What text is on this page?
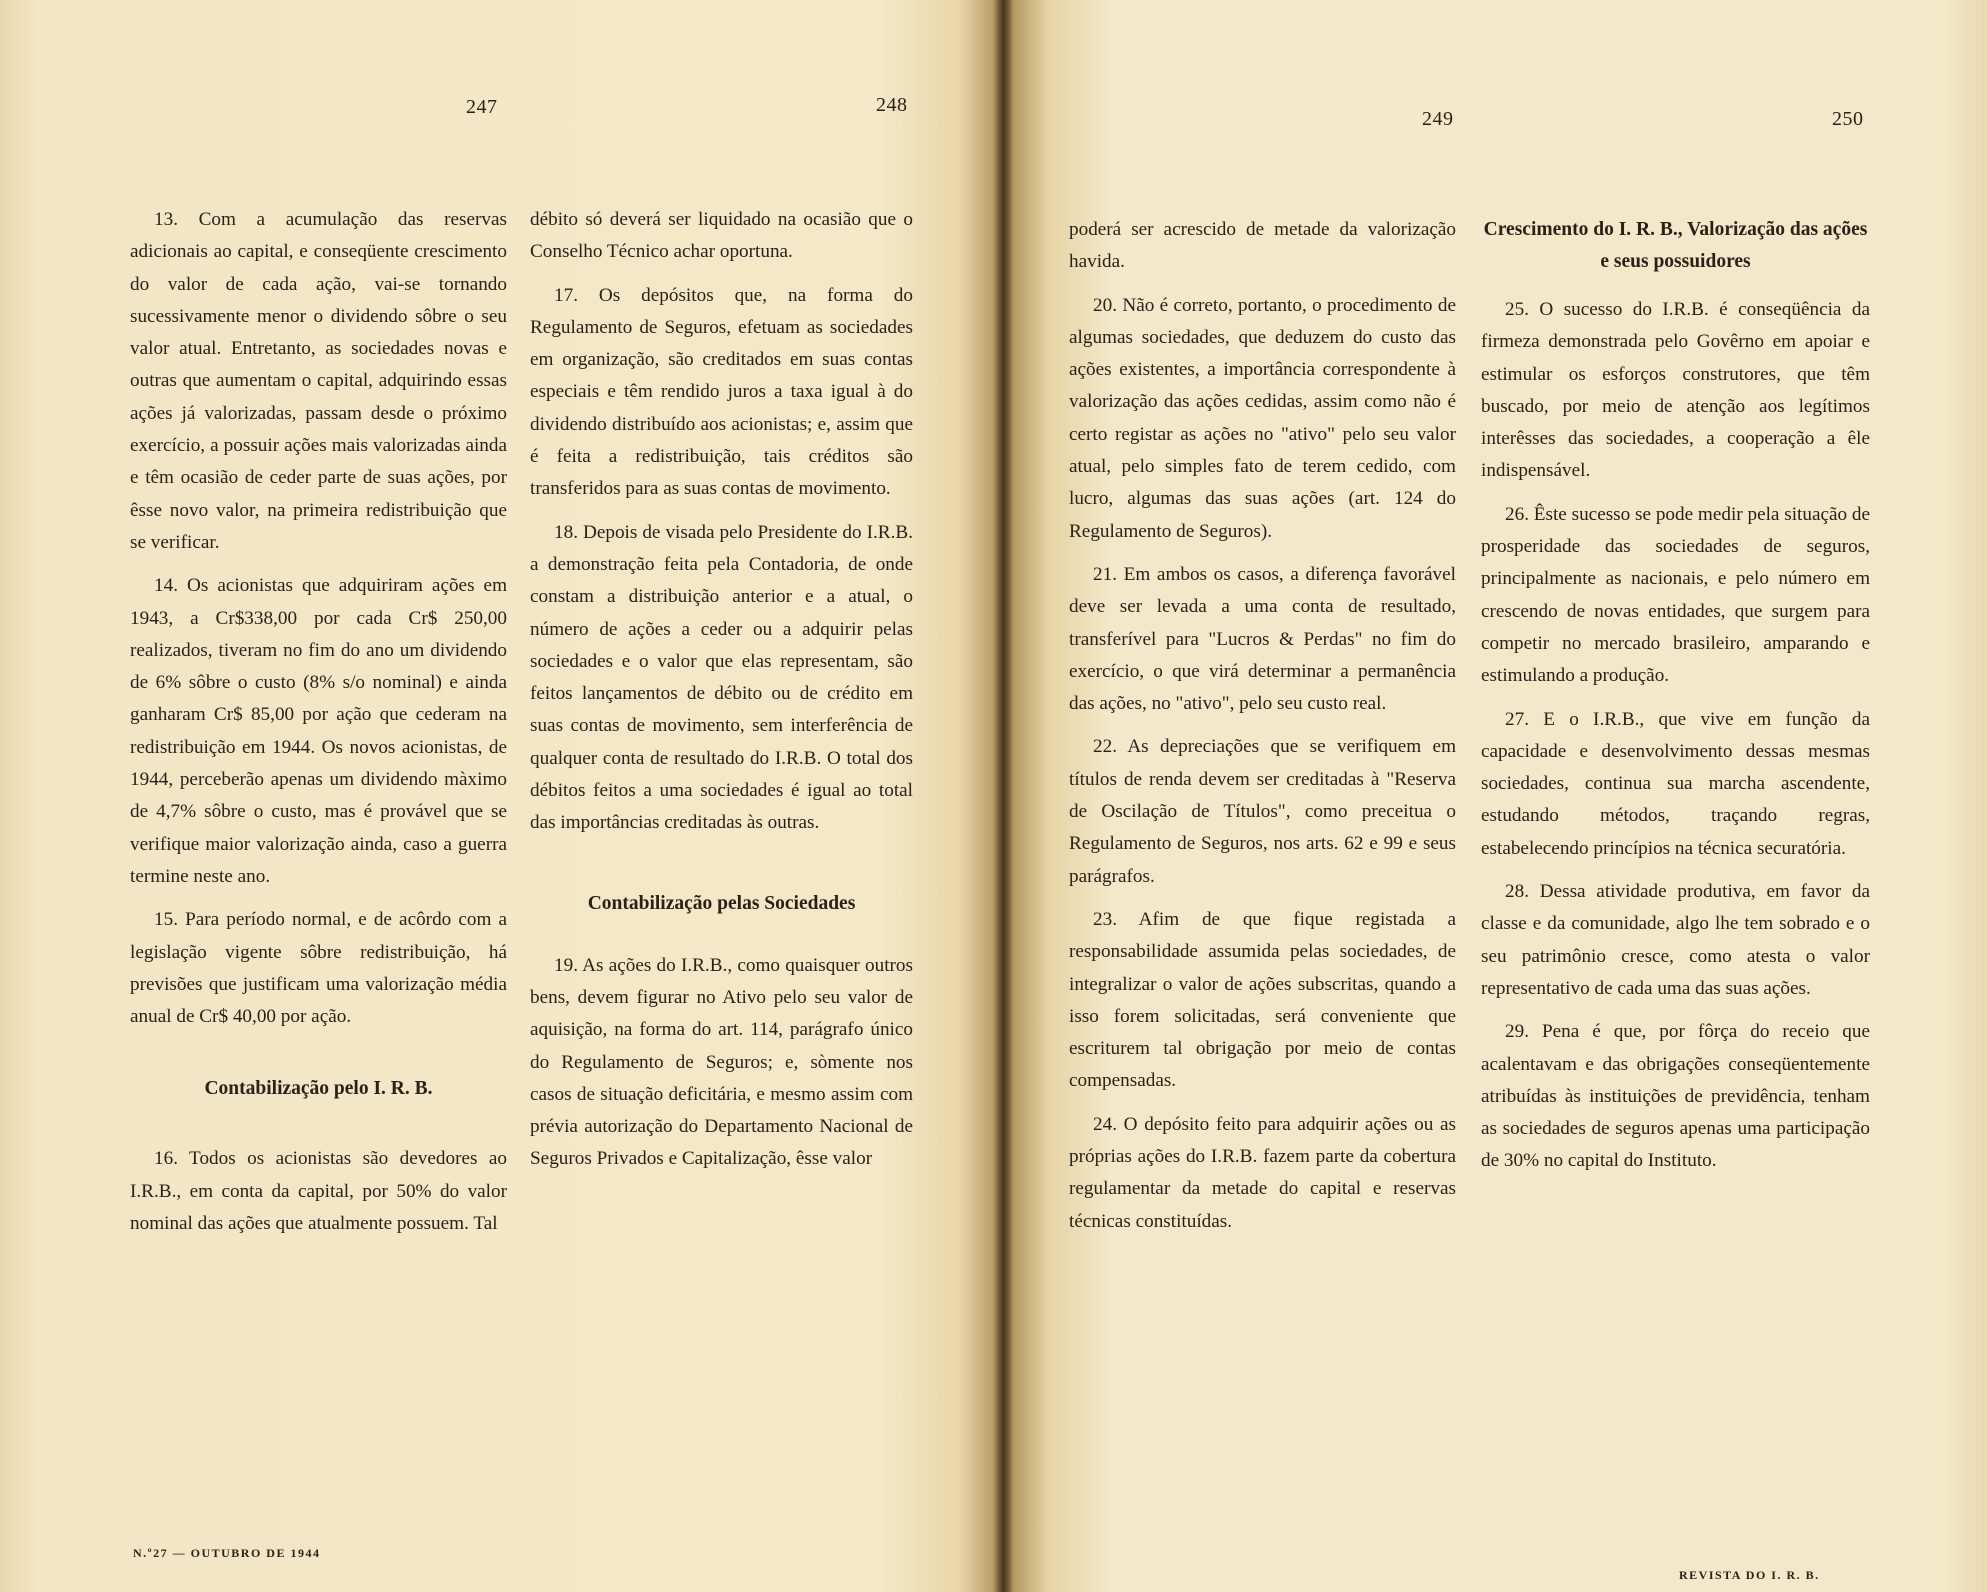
247	248

13. Com a acumulação das reservas adicionais ao capital, e conseqüente crescimento do valor de cada ação, vai-se tornando sucessivamente menor o dividendo sôbre o seu valor atual. Entretanto, as sociedades novas e outras que aumentam o capital, adquirindo essas ações já valorizadas, passam desde o próximo exercício, a possuir ações mais valorizadas ainda e têm ocasião de ceder parte de suas ações, por êsse novo valor, na primeira redistribuição que se verificar.

14. Os acionistas que adquiriram ações em 1943, a Cr$338,00 por cada Cr$ 250,00 realizados, tiveram no fim do ano um dividendo de 6% sôbre o custo (8% s/o nominal) e ainda ganharam Cr$ 85,00 por ação que cederam na redistribuição em 1944. Os novos acionistas, de 1944, perceberão apenas um dividendo màximo de 4,7% sôbre o custo, mas é provável que se verifique maior valorização ainda, caso a guerra termine neste ano.

15. Para período normal, e de acôrdo com a legislação vigente sôbre redistribuição, há previsões que justificam uma valorização média anual de Cr$ 40,00 por ação.

Contabilização pelo I. R. B.

16. Todos os acionistas são devedores ao I.R.B., em conta da capital, por 50% do valor nominal das ações que atualmente possuem. Tal

débito só deverá ser liquidado na ocasião que o Conselho Técnico achar oportuna.

17. Os depósitos que, na forma do Regulamento de Seguros, efetuam as sociedades em organização, são creditados em suas contas especiais e têm rendido juros a taxa igual à do dividendo distribuído aos acionistas; e, assim que é feita a redistribuição, tais créditos são transferidos para as suas contas de movimento.

18. Depois de visada pelo Presidente do I.R.B. a demonstração feita pela Contadoria, de onde constam a distribuição anterior e a atual, o número de ações a ceder ou a adquirir pelas sociedades e o valor que elas representam, são feitos lançamentos de débito ou de crédito em suas contas de movimento, sem interferência de qualquer conta de resultado do I.R.B. O total dos débitos feitos a uma sociedades é igual ao total das importâncias creditadas às outras.

Contabilização pelas Sociedades

19. As ações do I.R.B., como quaisquer outros bens, devem figurar no Ativo pelo seu valor de aquisição, na forma do art. 114, parágrafo único do Regulamento de Seguros; e, sòmente nos casos de situação deficitária, e mesmo assim com prévia autorização do Departamento Nacional de Seguros Privados e Capitalização, êsse valor

N.º27 — OUTUBRO DE 1944
249	250

poderá ser acrescido de metade da valorização havida.

20. Não é correto, portanto, o procedimento de algumas sociedades, que deduzem do custo das ações existentes, a importância correspondente à valorização das ações cedidas, assim como não é certo registar as ações no "ativo" pelo seu valor atual, pelo simples fato de terem cedido, com lucro, algumas das suas ações (art. 124 do Regulamento de Seguros).

21. Em ambos os casos, a diferença favorável deve ser levada a uma conta de resultado, transferível para "Lucros & Perdas" no fim do exercício, o que virá determinar a permanência das ações, no "ativo", pelo seu custo real.

22. As depreciações que se verifiquem em títulos de renda devem ser creditadas à "Reserva de Oscilação de Títulos", como preceitua o Regulamento de Seguros, nos arts. 62 e 99 e seus parágrafos.

23. Afim de que fique registada a responsabilidade assumida pelas sociedades, de integralizar o valor de ações subscritas, quando a isso forem solicitadas, será conveniente que escriturem tal obrigação por meio de contas compensadas.

24. O depósito feito para adquirir ações ou as próprias ações do I.R.B. fazem parte da cobertura regulamentar da metade do capital e reservas técnicas constituídas.

Crescimento do I. R. B., Valorização das ações e seus possuidores

25. O sucesso do I.R.B. é conseqüência da firmeza demonstrada pelo Govêrno em apoiar e estimular os esforços construtores, que têm buscado, por meio de atenção aos legítimos interêsses das sociedades, a cooperação a êle indispensável.

26. Êste sucesso se pode medir pela situação de prosperidade das sociedades de seguros, principalmente as nacionais, e pelo número em crescendo de novas entidades, que surgem para competir no mercado brasileiro, amparando e estimulando a produção.

27. E o I.R.B., que vive em função da capacidade e desenvolvimento dessas mesmas sociedades, continua sua marcha ascendente, estudando métodos, traçando regras, estabelecendo princípios na técnica securatória.

28. Dessa atividade produtiva, em favor da classe e da comunidade, algo lhe tem sobrado e o seu patrimônio cresce, como atesta o valor representativo de cada uma das suas ações.

29. Pena é que, por fôrça do receio que acalentavam e das obrigações conseqüentemente atribuídas às instituições de previdência, tenham as sociedades de seguros apenas uma participação de 30% no capital do Instituto.

REVISTA DO I. R. B.
